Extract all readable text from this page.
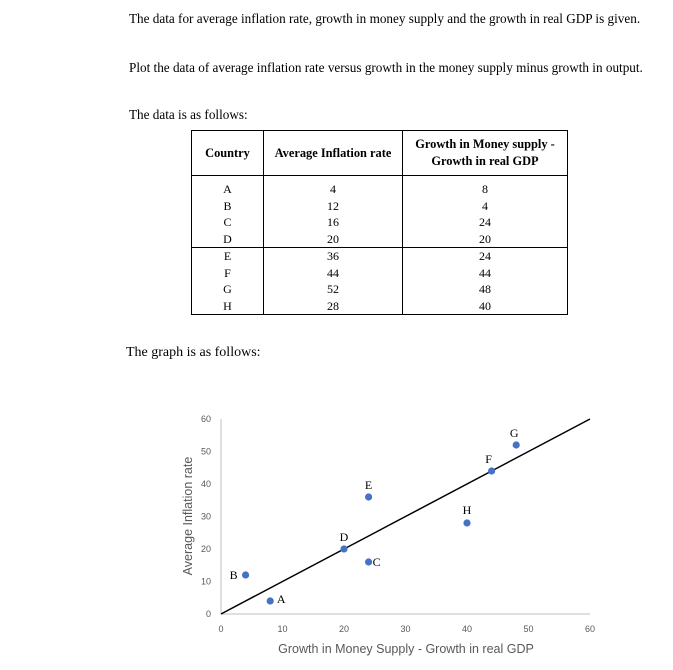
The data for average inflation rate, growth in money supply and the growth in real GDP is given.

Plot the data of average inflation rate versus growth in the money supply minus growth in output.

The data is as follows:

Country	Average Inflation rate	Growth in Money supply - Growth in real GDP
A	4	8
B	12	4
C	16	24
D	20	20
E	36	24
F	44	44
G	52	48
H	28	40

The graph is as follows:

0	10	20	30	40	50	60
0
10
20
30
40
50
60
A
B
C
D
E
F
G
H
Growth in Money Supply - Growth in real GDP
Average Inflation rate
